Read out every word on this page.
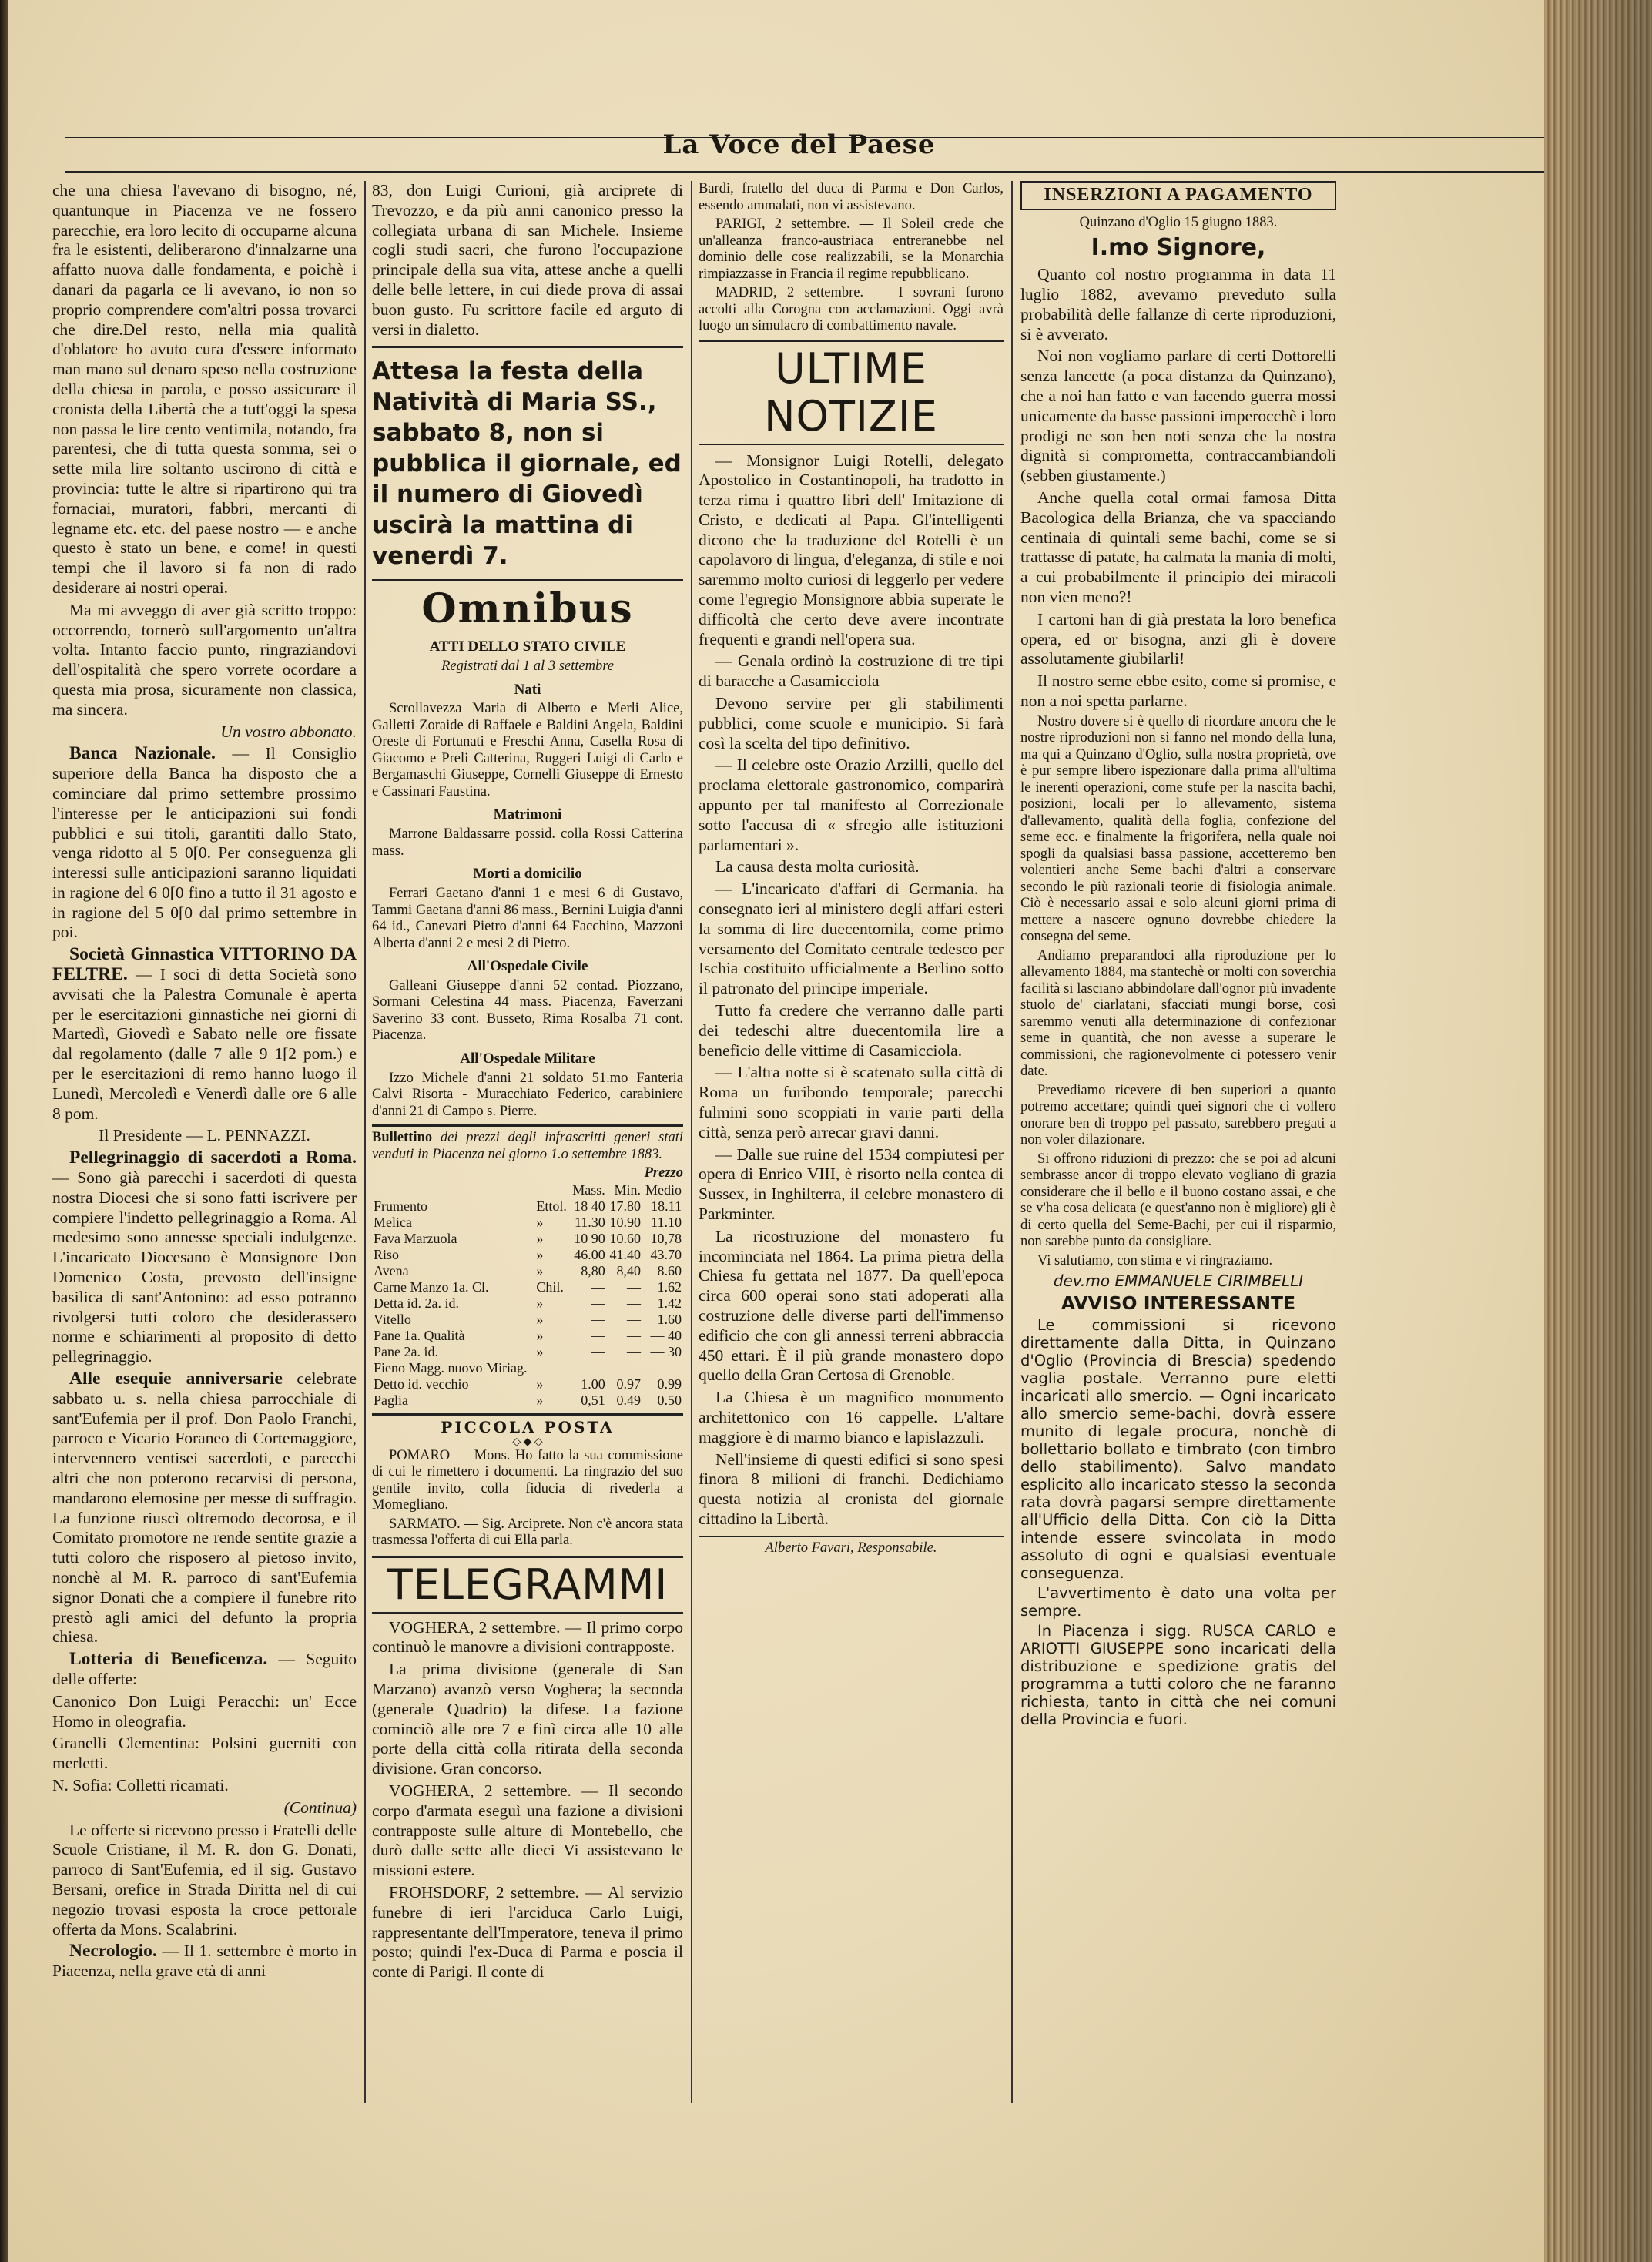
La Voce del Paese

che una chiesa l'avevano di bisogno, né, quantunque in Piacenza ve ne fossero parecchie, era loro lecito di occuparne alcuna fra le esistenti, deliberarono d'innalzarne una affatto nuova dalle fondamenta, e poichè i danari da pagarla ce li avevano, io non so proprio comprendere com'altri possa trovarci che dire.Del resto, nella mia qualità d'oblatore ho avuto cura d'essere informato man mano sul denaro speso nella costruzione della chiesa in parola, e posso assicurare il cronista della Libertà che a tutt'oggi la spesa non passa le lire cento ventimila, notando, fra parentesi, che di tutta questa somma, sei o sette mila lire soltanto uscirono di città e provincia: tutte le altre si ripartirono qui tra fornaciai, muratori, fabbri, mercanti di legname etc. etc. del paese nostro — e anche questo è stato un bene, e come! in questi tempi che il lavoro si fa non di rado desiderare ai nostri operai.

Ma mi avveggo di aver già scritto troppo: occorrendo, tornerò sull'argomento un'altra volta. Intanto faccio punto, ringraziandovi dell'ospitalità che spero vorrete ocordare a questa mia prosa, sicuramente non classica, ma sincera.

Un vostro abbonato.

Banca Nazionale. — Il Consiglio superiore della Banca ha disposto che a cominciare dal primo settembre prossimo l'interesse per le anticipazioni sui fondi pubblici e sui titoli, garantiti dallo Stato, venga ridotto al 5 0[0. Per conseguenza gli interessi sulle anticipazioni saranno liquidati in ragione del 6 0[0 fino a tutto il 31 agosto e in ragione del 5 0[0 dal primo settembre in poi.

Società Ginnastica VITTORINO DA FELTRE. — I soci di detta Società sono avvisati che la Palestra Comunale è aperta per le esercitazioni ginnastiche nei giorni di Martedì, Giovedì e Sabato nelle ore fissate dal regolamento (dalle 7 alle 9 1[2 pom.) e per le esercitazioni di remo hanno luogo il Lunedì, Mercoledì e Venerdì dalle ore 6 alle 8 pom.

Il Presidente — L. PENNAZZI.

Pellegrinaggio di sacerdoti a Roma. — Sono già parecchi i sacerdoti di questa nostra Diocesi che si sono fatti iscrivere per compiere l'indetto pellegrinaggio a Roma. Al medesimo sono annesse speciali indulgenze. L'incaricato Diocesano è Monsignore Don Domenico Costa, prevosto dell'insigne basilica di sant'Antonino: ad esso potranno rivolgersi tutti coloro che desiderassero norme e schiarimenti al proposito di detto pellegrinaggio.

Alle esequie anniversarie celebrate sabbato u. s. nella chiesa parrocchiale di sant'Eufemia per il prof. Don Paolo Franchi, parroco e Vicario Foraneo di Cortemaggiore, intervennero ventisei sacerdoti, e parecchi altri che non poterono recarvisi di persona, mandarono elemosine per messe di suffragio. La funzione riuscì oltremodo decorosa, e il Comitato promotore ne rende sentite grazie a tutti coloro che risposero al pietoso invito, nonchè al M. R. parroco di sant'Eufemia signor Donati che a compiere il funebre rito prestò agli amici del defunto la propria chiesa.

Lotteria di Beneficenza. — Seguito delle offerte:

Canonico Don Luigi Peracchi: un' Ecce Homo in oleografia.

Granelli Clementina: Polsini guerniti con merletti.

N. Sofia: Colletti ricamati.

(Continua)

Le offerte si ricevono presso i Fratelli delle Scuole Cristiane, il M. R. don G. Donati, parroco di Sant'Eufemia, ed il sig. Gustavo Bersani, orefice in Strada Diritta nel di cui negozio trovasi esposta la croce pettorale offerta da Mons. Scalabrini.

Necrologio. — Il 1. settembre è morto in Piacenza, nella grave età di anni

83, don Luigi Curioni, già arciprete di Trevozzo, e da più anni canonico presso la collegiata urbana di san Michele. Insieme cogli studi sacri, che furono l'occupazione principale della sua vita, attese anche a quelli delle belle lettere, in cui diede prova di assai buon gusto. Fu scrittore facile ed arguto di versi in dialetto.

Attesa la festa della Natività di Maria SS., sabbato 8, non si pubblica il giornale, ed il numero di Giovedì uscirà la mattina di venerdì 7.
Omnibus
ATTI DELLO STATO CIVILE
Registrati dal 1 al 3 settembre
Nati

Scrollavezza Maria di Alberto e Merli Alice, Galletti Zoraide di Raffaele e Baldini Angela, Baldini Oreste di Fortunati e Freschi Anna, Casella Rosa di Giacomo e Preli Catterina, Ruggeri Luigi di Carlo e Bergamaschi Giuseppe, Cornelli Giuseppe di Ernesto e Cassinari Faustina.

Matrimoni

Marrone Baldassarre possid. colla Rossi Catterina mass.

Morti a domicilio

Ferrari Gaetano d'anni 1 e mesi 6 di Gustavo, Tammi Gaetana d'anni 86 mass., Bernini Luigia d'anni 64 id., Canevari Pietro d'anni 64 Facchino, Mazzoni Alberta d'anni 2 e mesi 2 di Pietro.

All'Ospedale Civile

Galleani Giuseppe d'anni 52 contad. Piozzano, Sormani Celestina 44 mass. Piacenza, Faverzani Saverino 33 cont. Busseto, Rima Rosalba 71 cont. Piacenza.

All'Ospedale Militare

Izzo Michele d'anni 21 soldato 51.mo Fanteria Calvi Risorta - Muracchiato Federico, carabiniere d'anni 21 di Campo s. Pierre.

Bullettino dei prezzi degli infrascritti generi stati venduti in Piacenza nel giorno 1.o settembre 1883.

Prezzo
		Mass.	Min.	Medio
Frumento	Ettol.	18 40	17.80	18.11
Melica	»	11.30	10.90	11.10
Fava Marzuola	»	10 90	10.60	10,78
Riso	»	46.00	41.40	43.70
Avena	»	8,80	8,40	8.60
Carne Manzo 1a. Cl.	Chil.	—	—	1.62
Detta id. 2a. id.	»	—	—	1.42
Vitello	»	—	—	1.60
Pane 1a. Qualità	»	—	—	— 40
Pane 2a. id.	»	—	—	— 30
Fieno Magg. nuovo Miriag.		—	—	—
Detto id. vecchio	»	1.00	0.97	0.99
Paglia	»	0,51	0.49	0.50
PICCOLA POSTA
◇ ◆ ◇

POMARO — Mons. Ho fatto la sua commissione di cui le rimettero i documenti. La ringrazio del suo gentile invito, colla fiducia di rivederla a Momegliano.

SARMATO. — Sig. Arciprete. Non c'è ancora stata trasmessa l'offerta di cui Ella parla.

TELEGRAMMI

VOGHERA, 2 settembre. — Il primo corpo continuò le manovre a divisioni contrapposte.

La prima divisione (generale di San Marzano) avanzò verso Voghera; la seconda (generale Quadrio) la difese. La fazione cominciò alle ore 7 e finì circa alle 10 alle porte della città colla ritirata della seconda divisione. Gran concorso.

VOGHERA, 2 settembre. — Il secondo corpo d'armata eseguì una fazione a divisioni contrapposte sulle alture di Montebello, che durò dalle sette alle dieci Vi assistevano le missioni estere.

FROHSDORF, 2 settembre. — Al servizio funebre di ieri l'arciduca Carlo Luigi, rappresentante dell'Imperatore, teneva il primo posto; quindi l'ex-Duca di Parma e poscia il conte di Parigi. Il conte di

Bardi, fratello del duca di Parma e Don Carlos, essendo ammalati, non vi assistevano.

PARIGI, 2 settembre. — Il Soleil crede che un'alleanza franco-austriaca entreranebbe nel dominio delle cose realizzabili, se la Monarchia rimpiazzasse in Francia il regime repubblicano.

MADRID, 2 settembre. — I sovrani furono accolti alla Corogna con acclamazioni. Oggi avrà luogo un simulacro di combattimento navale.

ULTIME NOTIZIE

— Monsignor Luigi Rotelli, delegato Apostolico in Costantinopoli, ha tradotto in terza rima i quattro libri dell' Imitazione di Cristo, e dedicati al Papa. Gl'intelligenti dicono che la traduzione del Rotelli è un capolavoro di lingua, d'eleganza, di stile e noi saremmo molto curiosi di leggerlo per vedere come l'egregio Monsignore abbia superate le difficoltà che certo deve avere incontrate frequenti e grandi nell'opera sua.

— Genala ordinò la costruzione di tre tipi di baracche a Casamicciola

Devono servire per gli stabilimenti pubblici, come scuole e municipio. Si farà così la scelta del tipo definitivo.

— Il celebre oste Orazio Arzilli, quello del proclama elettorale gastronomico, comparirà appunto per tal manifesto al Correzionale sotto l'accusa di « sfregio alle istituzioni parlamentari ».

La causa desta molta curiosità.

— L'incaricato d'affari di Germania. ha consegnato ieri al ministero degli affari esteri la somma di lire duecentomila, come primo versamento del Comitato centrale tedesco per Ischia costituito ufficialmente a Berlino sotto il patronato del principe imperiale.

Tutto fa credere che verranno dalle parti dei tedeschi altre duecentomila lire a beneficio delle vittime di Casamicciola.

— L'altra notte si è scatenato sulla città di Roma un furibondo temporale; parecchi fulmini sono scoppiati in varie parti della città, senza però arrecar gravi danni.

— Dalle sue ruine del 1534 compiutesi per opera di Enrico VIII, è risorto nella contea di Sussex, in Inghilterra, il celebre monastero di Parkminter.

La ricostruzione del monastero fu incominciata nel 1864. La prima pietra della Chiesa fu gettata nel 1877. Da quell'epoca circa 600 operai sono stati adoperati alla costruzione delle diverse parti dell'immenso edificio che con gli annessi terreni abbraccia 450 ettari. È il più grande monastero dopo quello della Gran Certosa di Grenoble.

La Chiesa è un magnifico monumento architettonico con 16 cappelle. L'altare maggiore è di marmo bianco e lapislazzuli.

Nell'insieme di questi edifici si sono spesi finora 8 milioni di franchi. Dedichiamo questa notizia al cronista del giornale cittadino la Libertà.

Alberto Favari, Responsabile.

INSERZIONI A PAGAMENTO

Quinzano d'Oglio 15 giugno 1883.

I.mo Signore,

Quanto col nostro programma in data 11 luglio 1882, avevamo preveduto sulla probabilità delle fallanze di certe riproduzioni, si è avverato.

Noi non vogliamo parlare di certi Dottorelli senza lancette (a poca distanza da Quinzano), che a noi han fatto e van facendo guerra mossi unicamente da basse passioni imperocchè i loro prodigi ne son ben noti senza che la nostra dignità si comprometta, contraccambiandoli (sebben giustamente.)

Anche quella cotal ormai famosa Ditta Bacologica della Brianza, che va spacciando centinaia di quintali seme bachi, come se si trattasse di patate, ha calmata la mania di molti, a cui probabilmente il principio dei miracoli non vien meno?!

I cartoni han di già prestata la loro benefica opera, ed or bisogna, anzi gli è dovere assolutamente giubilarli!

Il nostro seme ebbe esito, come si promise, e non a noi spetta parlarne.

Nostro dovere si è quello di ricordare ancora che le nostre riproduzioni non si fanno nel mondo della luna, ma qui a Quinzano d'Oglio, sulla nostra proprietà, ove è pur sempre libero ispezionare dalla prima all'ultima le inerenti operazioni, come stufe per la nascita bachi, posizioni, locali per lo allevamento, sistema d'allevamento, qualità della foglia, confezione del seme ecc. e finalmente la frigorifera, nella quale noi spogli da qualsiasi bassa passione, accetteremo ben volentieri anche Seme bachi d'altri a conservare secondo le più razionali teorie di fisiologia animale. Ciò è necessario assai e solo alcuni giorni prima di mettere a nascere ognuno dovrebbe chiedere la consegna del seme.

Andiamo preparandoci alla riproduzione per lo allevamento 1884, ma stantechè or molti con soverchia facilità si lasciano abbindolare dall'ognor più invadente stuolo de' ciarlatani, sfacciati mungi borse, così saremmo venuti alla determinazione di confezionar seme in quantità, che non avesse a superare le commissioni, che ragionevolmente ci potessero venir date.

Prevediamo ricevere di ben superiori a quanto potremo accettare; quindi quei signori che ci vollero onorare ben di troppo pel passato, sarebbero pregati a non voler dilazionare.

Si offrono riduzioni di prezzo: che se poi ad alcuni sembrasse ancor di troppo elevato vogliano di grazia considerare che il bello e il buono costano assai, e che se v'ha cosa delicata (e quest'anno non è migliore) gli è di certo quella del Seme-Bachi, per cui il risparmio, non sarebbe punto da consigliare.

Vi salutiamo, con stima e vi ringraziamo.

dev.mo EMMANUELE CIRIMBELLI

AVVISO INTERESSANTE

Le commissioni si ricevono direttamente dalla Ditta, in Quinzano d'Oglio (Provincia di Brescia) spedendo vaglia postale. Verranno pure eletti incaricati allo smercio. — Ogni incaricato allo smercio seme-bachi, dovrà essere munito di legale procura, nonchè di bollettario bollato e timbrato (con timbro dello stabilimento). Salvo mandato esplicito allo incaricato stesso la seconda rata dovrà pagarsi sempre direttamente all'Ufficio della Ditta. Con ciò la Ditta intende essere svincolata in modo assoluto di ogni e qualsiasi eventuale conseguenza.

L'avvertimento è dato una volta per sempre.

In Piacenza i sigg. RUSCA CARLO e ARIOTTI GIUSEPPE sono incaricati della distribuzione e spedizione gratis del programma a tutti coloro che ne faranno richiesta, tanto in città che nei comuni della Provincia e fuori.
